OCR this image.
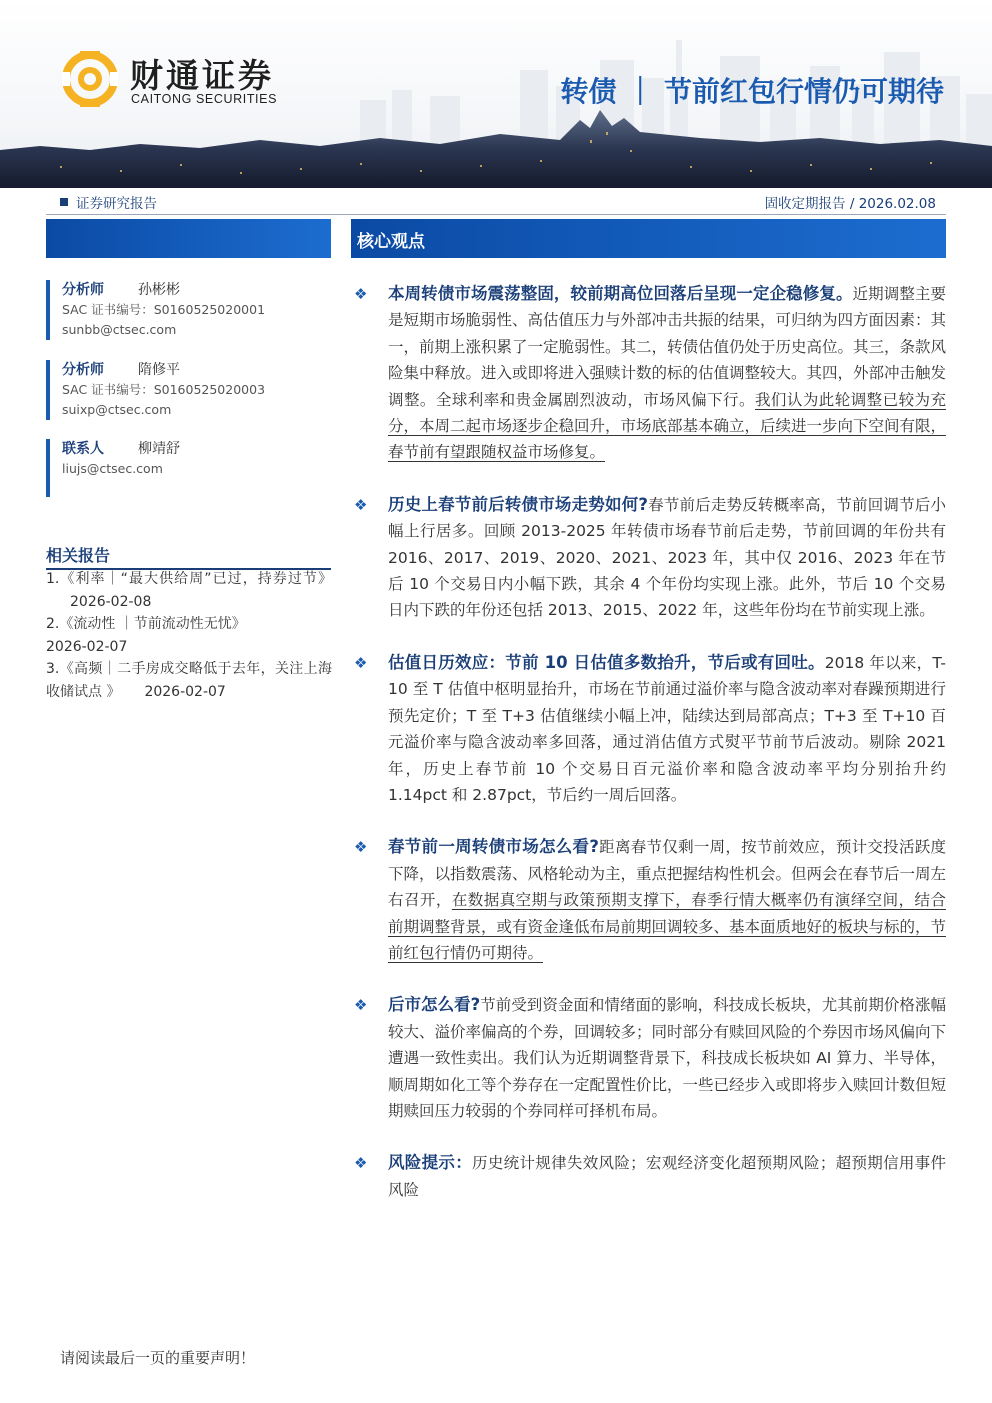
财通证券
CAITONG SECURITIES	转债 ｜ 节前红包行情仍可期待
证券研究报告	固收定期报告 / 2026.02.08
核心观点
分析师	孙彬彬
SAC 证书编号：S0160525020001
sunbb@ctsec.com
分析师	隋修平
SAC 证书编号：S0160525020003
suixp@ctsec.com
联系人	柳靖舒
liujs@ctsec.com
相关报告
1.《利率｜“最大供给周”已过，持券过节》2026-02-08
2.《流动性 ｜节前流动性无忧》
2026-02-07
3.《高频｜二手房成交略低于去年，关注上海收储试点 》 2026-02-07
❖ 本周转债市场震荡整固，较前期高位回落后呈现一定企稳修复。近期调整主要是短期市场脆弱性、高估值压力与外部冲击共振的结果，可归纳为四方面因素：其一，前期上涨积累了一定脆弱性。其二，转债估值仍处于历史高位。其三，条款风险集中释放。进入或即将进入强赎计数的标的估值调整较大。其四，外部冲击触发调整。全球利率和贵金属剧烈波动，市场风偏下行。我们认为此轮调整已较为充分，本周二起市场逐步企稳回升，市场底部基本确立，后续进一步向下空间有限，春节前有望跟随权益市场修复。
❖ 历史上春节前后转债市场走势如何?春节前后走势反转概率高，节前回调节后小幅上行居多。回顾 2013-2025 年转债市场春节前后走势，节前回调的年份共有 2016、2017、2019、2020、2021、2023 年，其中仅 2016、2023 年在节后 10 个交易日内小幅下跌，其余 4 个年份均实现上涨。此外，节后 10 个交易日内下跌的年份还包括 2013、2015、2022 年，这些年份均在节前实现上涨。
❖ 估值日历效应：节前 10 日估值多数抬升，节后或有回吐。2018 年以来，T-10 至 T 估值中枢明显抬升，市场在节前通过溢价率与隐含波动率对春躁预期进行预先定价；T 至 T+3 估值继续小幅上冲，陆续达到局部高点；T+3 至 T+10 百元溢价率与隐含波动率多回落，通过消估值方式熨平节前节后波动。剔除 2021 年，历史上春节前 10 个交易日百元溢价率和隐含波动率平均分别抬升约 1.14pct 和 2.87pct，节后约一周后回落。
❖ 春节前一周转债市场怎么看?距离春节仅剩一周，按节前效应，预计交投活跃度下降，以指数震荡、风格轮动为主，重点把握结构性机会。但两会在春节后一周左右召开，在数据真空期与政策预期支撑下，春季行情大概率仍有演绎空间，结合前期调整背景，或有资金逢低布局前期回调较多、基本面质地好的板块与标的，节前红包行情仍可期待。
❖ 后市怎么看?节前受到资金面和情绪面的影响，科技成长板块，尤其前期价格涨幅较大、溢价率偏高的个券，回调较多；同时部分有赎回风险的个券因市场风偏向下遭遇一致性卖出。我们认为近期调整背景下，科技成长板块如 AI 算力、半导体，顺周期如化工等个券存在一定配置性价比，一些已经步入或即将步入赎回计数但短期赎回压力较弱的个券同样可择机布局。
❖ 风险提示：历史统计规律失效风险；宏观经济变化超预期风险；超预期信用事件风险
请阅读最后一页的重要声明！
